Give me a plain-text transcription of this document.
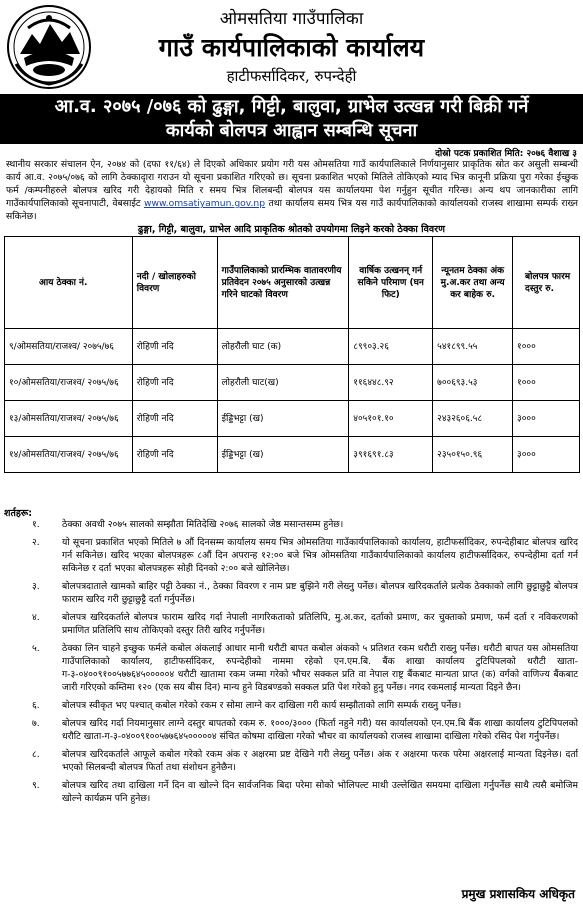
ओमसतिया गाउँपालिका
गाउँ कार्यपालिकाको कार्यालय
हाटीफर्सादिकर, रुपन्देही
आ.व. २०७५ /०७६ को ढुङ्गा, गिट्टी, बालुवा, ग्राभेल उत्खन्न गरी बिक्री गर्ने
कार्यको बोलपत्र आह्वान सम्बन्धि सूचना
दोस्रो पटक प्रकाशित मिति: २०७६ वैशाख ३
स्थानीय सरकार संचालन ऐन, २०७४ को (दफा ११/६४) ले दिएको अधिकार प्रयोग गरी यस ओमसतिया गाउँ कार्यपालिकाले निर्णयानुसार प्राकृतिक स्रोत कर असुली सम्बन्धी कार्य आ.व. २०७५/०७६ को लागि ठेक्कादृारा गराउन यो सूचना प्रकाशित गरिएको छ। सूचना प्रकाशित भएको मितिले तोकिएको म्याद भित्र कानूनी प्रक्रिया पुरा गरेका ईच्छुक फर्म /कम्पनीहरुले बोलपत्र खरिद गरी देहायको मिति र समय भित्र शिलबन्दी बोलपत्र यस कार्यालयमा पेश गर्नुहुन सूचीत गरिन्छ। अन्य थप जानकारीका लागि गाउँकार्यपालिकाको सूचनापाटी, वेबसाईट www.omsatiyamun.gov.np तथा कार्यालय समय भित्र यस गाउँ कार्यपालिकाको कार्यालयको राजस्व शाखामा सम्पर्क राख्न सकिनेछ।
ढुङ्गा, गिट्टी, बालुवा, ग्राभेल आदि प्राकृतिक श्रोतको उपयोगमा लिइने करको ठेक्का विवरण
आय ठेक्का नं.	नदी / खोलाहरुको विवरण	गाउँपालिकाको प्रारम्भिक वातावरणीय प्रतिवेदन २०७५ अनुसारको उत्खन्न गरिने घाटको विवरण	वार्षिक उत्खनन् गर्न सकिने परिमाण (घन फिट)	न्यूनतम ठेक्का अंक मु.अ.कर तथा अन्य कर बाहेक रु.	बोलपत्र फारम दस्तुर रु.
९/ओमसतिया/राजश्व/ २०७५/७६	रोहिणी नदि	लोहरौली घाट (क)	८९९०३.२६	५४१८९९.५५	१०००
१०/ओमसतिया/राजश्व/ २०७५/७६	रोहिणी नदि	लोहरौली घाट(ख)	११६४४८.९२	७००६९३.५३	१०००
१३/ओमसतिया/राजश्व/ २०७५/७६	रोहिणी नदि	ईड्डिभट्टा (ख)	४०५१०१.१०	२४३२६०६.५८	३०००
१४/ओमसतिया/राजश्व/ २०७५/७६	रोहिणी नदि	ईड्डिभट्टा (ख)	३९१६९१.८३	२३५०१५०.९६	३०००
शर्तहरू:
१. ठेक्का अवधी २०७५ सालको सम्झौता मितिदेखि २०७६ सालको जेष्ठ मसान्तसम्म हुनेछ।
२. यो सूचना प्रकाशित भएको मितिले ७ औं दिनसम्म कार्यालय समय भित्र ओमसतिया गाउँकार्यपालिकाको कार्यालय, हाटीफर्सादिकर, रुपन्देहीबाट बोलपत्र खरिद गर्न सकिनेछ। खरिद भएका बोलपत्रहरू ८औं दिन अपरान्ह १२:०० बजे भित्र ओमसतिया गाउँकार्यपालिकाको कार्यालय हाटीफर्सादिकर, रुपन्देहीमा दर्ता गर्न सकिनेछ र दर्ता भएका बोलपत्रहरू सोही दिनको २:०० बजे खोलिनेछ।
३. बोलपत्रदाताले खामको बाहिर पट्टी ठेक्का नं., ठेक्का विवरण र नाम प्रष्ट बुझिने गरी लेख्नु पर्नेछ। बोलपत्र खरिदकर्ताले प्रत्येक ठेक्काको लागि छुट्टाछुट्टै बोलपत्र फाराम खरिद गरी छुट्टाछुट्टै दर्ता गर्नुपर्नेछ।
४. बोलपत्र खरिदकर्ताले बोलपत्र फाराम खरिद गर्दा नेपाली नागरिकताको प्रतिलिपि, मु.अ.कर, दर्ताको प्रमाण, कर चुक्ताको प्रमाण, फर्म दर्ता र नविकरणको प्रमाणित प्रतिलिपि साथ तोकिएको दस्तुर तिरी खरिद गर्नुपर्नेछ।
५. ठेक्का लिन चाहने इच्छुक फर्मले कबोल अंकलाई आधार मानी धरौटी बापत कबोल अंकको ५ प्रतिशत रकम धरौटी राख्नु पर्नेछ। धरौटी बापत यस ओमसतिया गाउँपालिकाको कार्यालय, हाटीफर्सादिकर, रुपन्देहीको नाममा रहेको एन.एम.बि. बैंक शाखा कार्यालय टुटिपिपलको धरौटी खाता-ग-३-०४००९१००५७७६४५०००००४ धरौटी खातामा रकम जम्मा गरेको भौचर सक्कल प्रति वा नेपाल राष्ट्र बैंकबाट मान्यता प्राप्त (क) वर्गको वाणिज्य बैंकबाट जारी गरिएको कम्तिमा १२० (एक सय बीस दिन) मान्य हुने विडबण्डको सक्कल प्रति पेश गरेको हुनु पर्नेछ। नगद रकमलाई मान्यता दिइने छैन।
६. बोलपत्र स्वीकृत भए पश्चात् कबोल गरेको रकम र सोमा लाग्ने कर दाखिला गरी कार्य सम्झौताको लागि सम्पर्क राख्नु पर्नेछ।
७. बोलपत्र खरिद गर्दा नियमानुसार लाग्ने दस्तुर बापतको रकम रु. १०००/३००० (फिर्ता नहुने गरी) यस कार्यालयको एन.एम.बि बैंक शाखा कार्यालय टुटिपिपलको धरौटि खाता-ग-३-०४००९१००५७७६४५०००००४ संचित कोषमा दाखिला गरेको भौचर वा कार्यालयको राजस्व शाखामा दाखिला गरेको रसिद पेश गर्नुपर्नेछ।
८. बोलपत्र खरिदकर्ताले आफूले कबोल गरेको रकम अंक र अक्षरमा प्रष्ट देखिने गरी लेख्नु पर्नेछ। अंक र अक्षरमा फरक परेमा अक्षरलाई मान्यता दिइनेछ। दर्ता भएको सिलबन्दी बोलपत्र फिर्ता तथा संशोधन हुनेछैन।
९. बोलपत्र खरिद तथा दाखिला गर्ने दिन वा खोल्ने दिन सार्वजनिक बिदा परेमा सोको भोलिपल्ट माथी उल्लेखित समयमा दाखिला गर्नुपर्नेछ साथै त्यसै बमोजिम खोल्ने कार्यक्रम पनि हुनेछ।
प्रमुख प्रशासकिय अधिकृत
